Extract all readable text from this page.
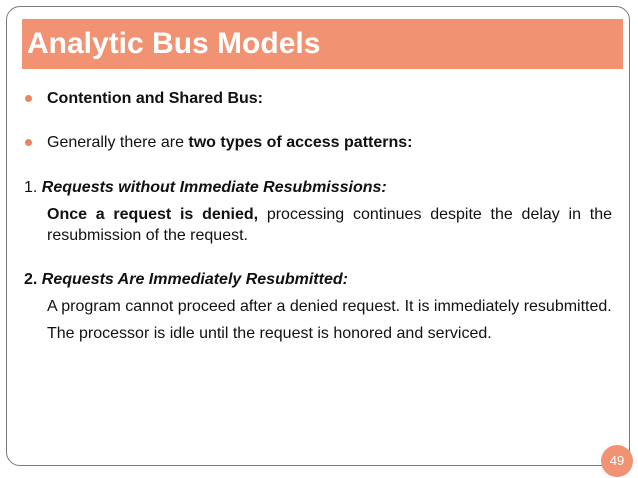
Analytic Bus Models
Contention and Shared Bus:
Generally there are two types of access patterns:
1. Requests without Immediate Resubmissions:
Once a request is denied, processing continues despite the delay in the resubmission of the request.
2. Requests Are Immediately Resubmitted:
A program cannot proceed after a denied request. It is immediately resubmitted.
The processor is idle until the request is honored and serviced.
49
